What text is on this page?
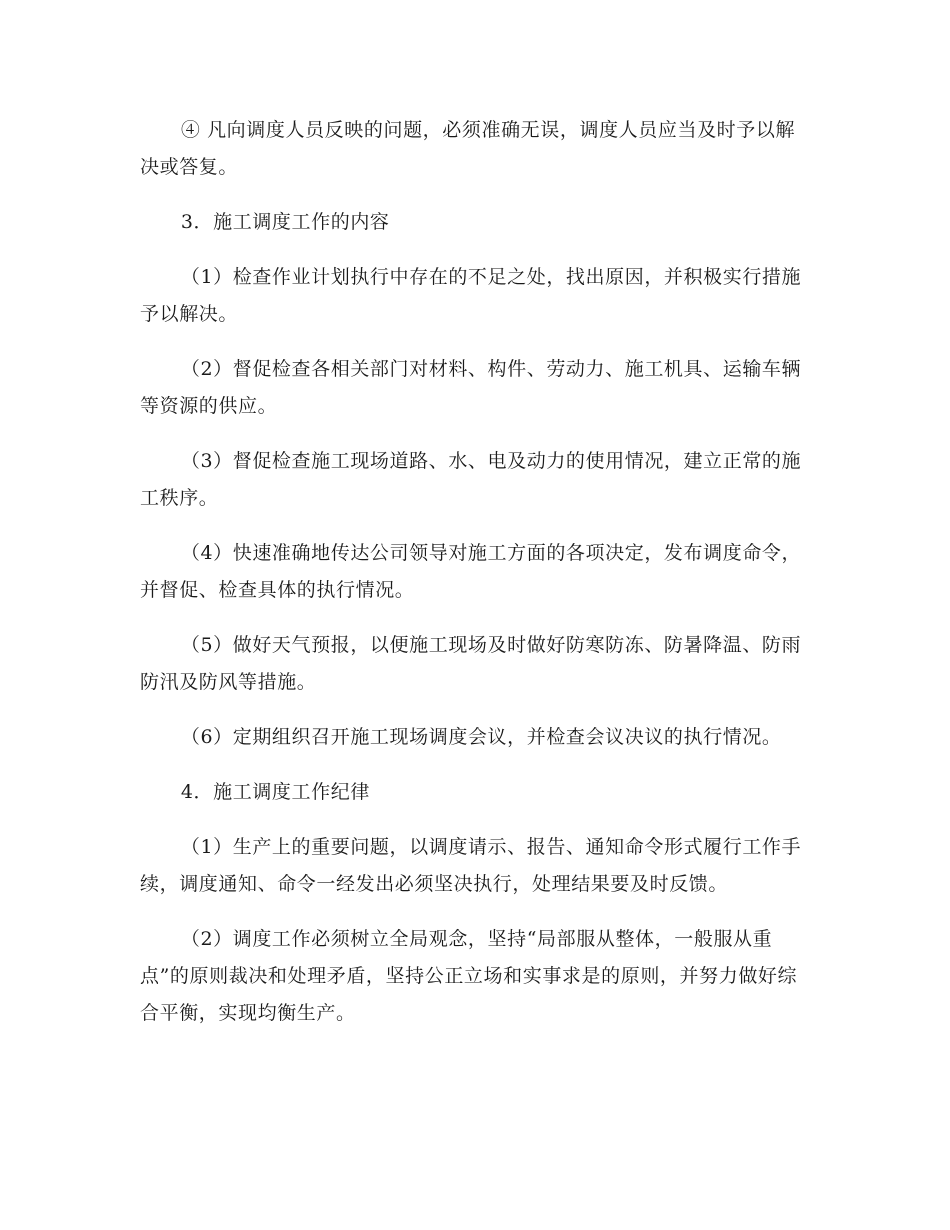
④ 凡向调度人员反映的问题，必须准确无误，调度人员应当及时予以解决或答复。

3．施工调度工作的内容

（1）检查作业计划执行中存在的不足之处，找出原因，并积极实行措施予以解决。

（2）督促检查各相关部门对材料、构件、劳动力、施工机具、运输车辆等资源的供应。

（3）督促检查施工现场道路、水、电及动力的使用情况，建立正常的施工秩序。

（4）快速准确地传达公司领导对施工方面的各项决定，发布调度命令，并督促、检查具体的执行情况。

（5）做好天气预报，以便施工现场及时做好防寒防冻、防暑降温、防雨防汛及防风等措施。

（6）定期组织召开施工现场调度会议，并检查会议决议的执行情况。

4．施工调度工作纪律

（1）生产上的重要问题，以调度请示、报告、通知命令形式履行工作手续，调度通知、命令一经发出必须坚决执行，处理结果要及时反馈。

（2）调度工作必须树立全局观念，坚持“局部服从整体，一般服从重点”的原则裁决和处理矛盾，坚持公正立场和实事求是的原则，并努力做好综合平衡，实现均衡生产。
